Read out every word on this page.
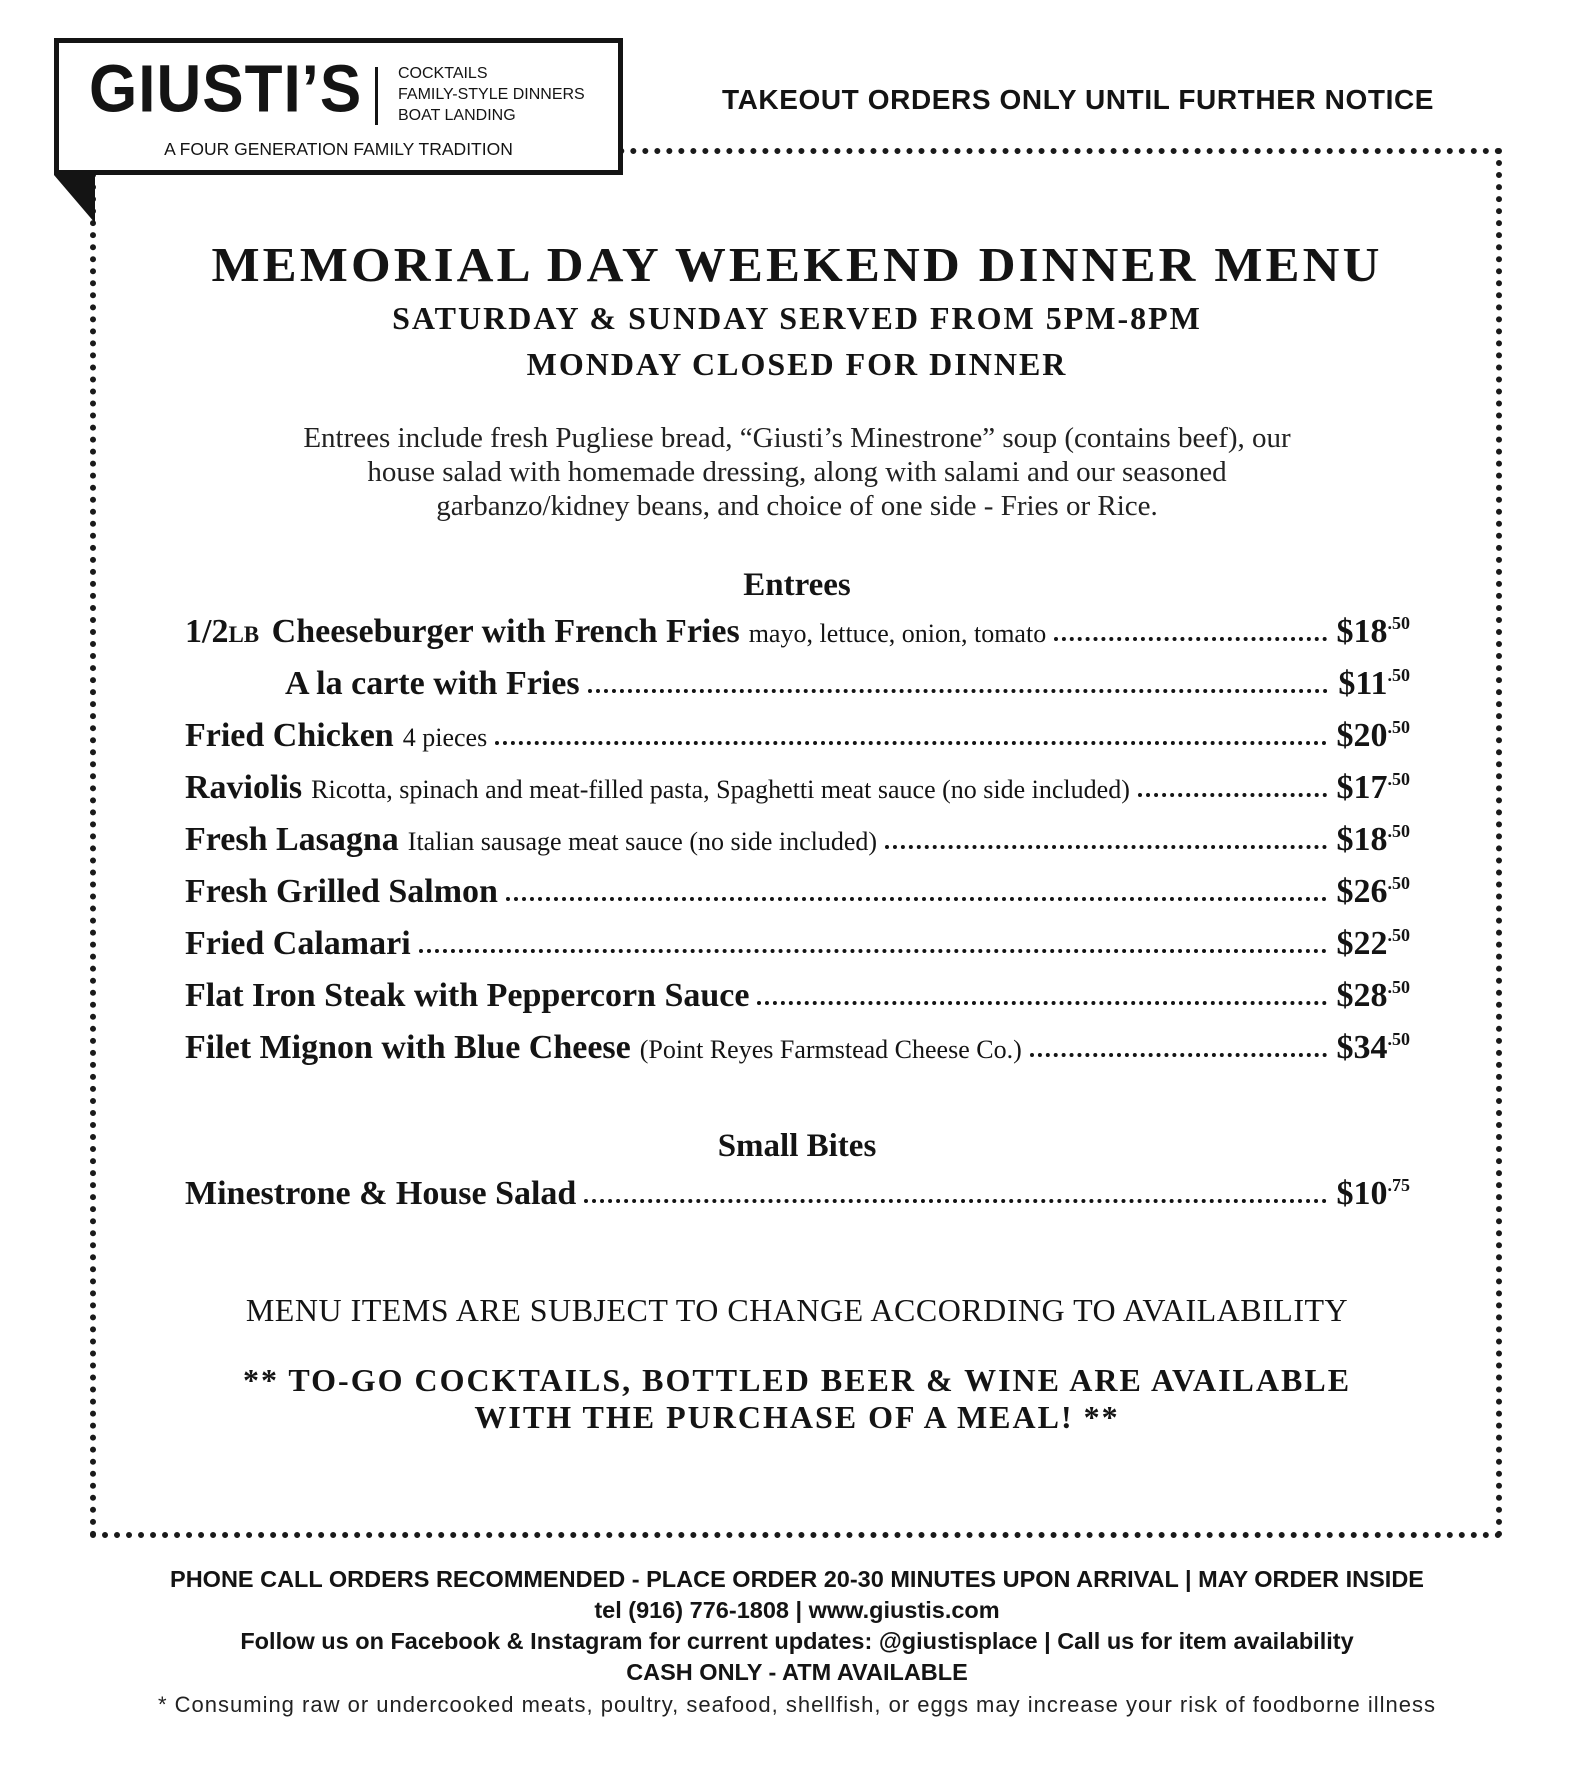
GIUSTI’S COCKTAILS
FAMILY-STYLE DINNERS
BOAT LANDING
A FOUR GENERATION FAMILY TRADITION
TAKEOUT ORDERS ONLY UNTIL FURTHER NOTICE
MEMORIAL DAY WEEKEND DINNER MENU
SATURDAY & SUNDAY SERVED FROM 5PM-8PM
MONDAY CLOSED FOR DINNER
Entrees include fresh Pugliese bread, “Giusti’s Minestrone” soup (contains beef), our
house salad with homemade dressing, along with salami and our seasoned
garbanzo/kidney beans, and choice of one side - Fries or Rice.
Entrees
1/2LB Cheeseburger with French Fries mayo, lettuce, onion, tomato	$\$18^{.50}$
A la carte with Fries	$\$11^{.50}$
Fried Chicken 4 pieces	$\$20^{.50}$
Raviolis Ricotta, spinach and meat-filled pasta, Spaghetti meat sauce (no side included)	$\$17^{.50}$
Fresh Lasagna Italian sausage meat sauce (no side included)	$\$18^{.50}$
Fresh Grilled Salmon	$\$26^{.50}$
Fried Calamari	$\$22^{.50}$
Flat Iron Steak with Peppercorn Sauce	$\$28^{.50}$
Filet Mignon with Blue Cheese (Point Reyes Farmstead Cheese Co.)	$\$34^{.50}$
Small Bites
Minestrone & House Salad	$\$10^{.75}$
MENU ITEMS ARE SUBJECT TO CHANGE ACCORDING TO AVAILABILITY
** TO-GO COCKTAILS, BOTTLED BEER & WINE ARE AVAILABLE
WITH THE PURCHASE OF A MEAL! **
PHONE CALL ORDERS RECOMMENDED - PLACE ORDER 20-30 MINUTES UPON ARRIVAL | MAY ORDER INSIDE
tel (916) 776-1808 | www.giustis.com
Follow us on Facebook & Instagram for current updates: @giustisplace | Call us for item availability
CASH ONLY - ATM AVAILABLE
* Consuming raw or undercooked meats, poultry, seafood, shellfish, or eggs may increase your risk of foodborne illness
